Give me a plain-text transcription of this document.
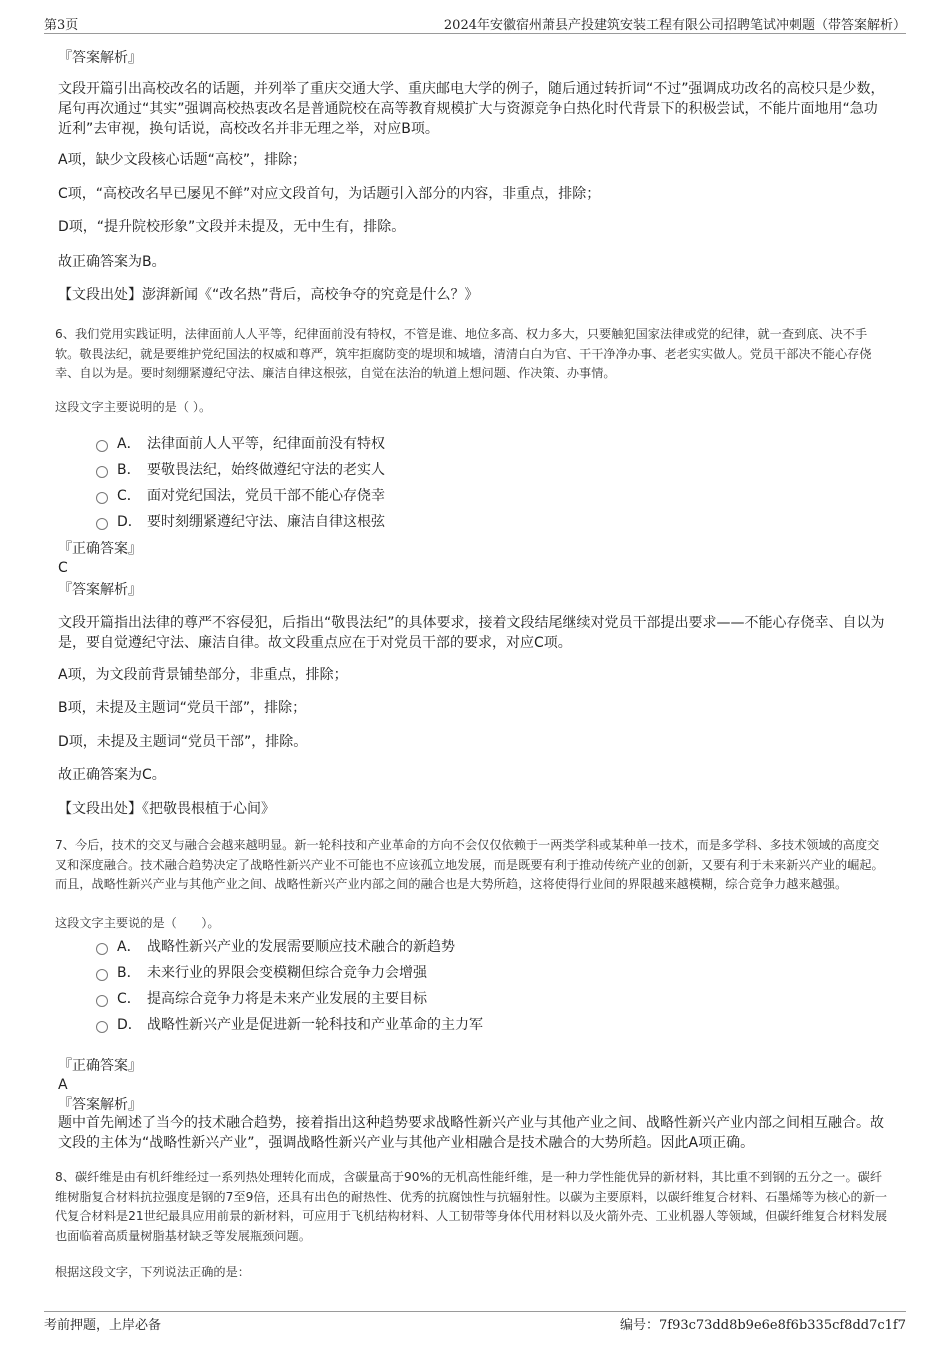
第3页	2024年安徽宿州萧县产投建筑安装工程有限公司招聘笔试冲刺题（带答案解析）
『答案解析』
文段开篇引出高校改名的话题，并列举了重庆交通大学、重庆邮电大学的例子，随后通过转折词“不过”强调成功改名的高校只是少数，尾句再次通过“其实”强调高校热衷改名是普通院校在高等教育规模扩大与资源竞争白热化时代背景下的积极尝试，不能片面地用“急功近利”去审视，换句话说，高校改名并非无理之举，对应B项。
A项，缺少文段核心话题“高校”，排除；
C项，“高校改名早已屡见不鲜”对应文段首句，为话题引入部分的内容，非重点，排除；
D项，“提升院校形象”文段并未提及，无中生有，排除。
故正确答案为B。
【文段出处】澎湃新闻《“改名热”背后，高校争夺的究竟是什么？》
6、我们党用实践证明，法律面前人人平等，纪律面前没有特权，不管是谁、地位多高、权力多大，只要触犯国家法律或党的纪律，就一查到底、决不手软。敬畏法纪，就是要维护党纪国法的权威和尊严，筑牢拒腐防变的堤坝和城墙，清清白白为官、干干净净办事、老老实实做人。党员干部决不能心存侥幸、自以为是。要时刻绷紧遵纪守法、廉洁自律这根弦，自觉在法治的轨道上想问题、作决策、办事情。
这段文字主要说明的是（ ）。
A． 法律面前人人平等，纪律面前没有特权
B． 要敬畏法纪，始终做遵纪守法的老实人
C． 面对党纪国法，党员干部不能心存侥幸
D． 要时刻绷紧遵纪守法、廉洁自律这根弦
『正确答案』
C
『答案解析』
文段开篇指出法律的尊严不容侵犯，后指出“敬畏法纪”的具体要求，接着文段结尾继续对党员干部提出要求——不能心存侥幸、自以为是，要自觉遵纪守法、廉洁自律。故文段重点应在于对党员干部的要求，对应C项。
A项，为文段前背景铺垫部分，非重点，排除；
B项，未提及主题词“党员干部”，排除；
D项，未提及主题词“党员干部”，排除。
故正确答案为C。
【文段出处】《把敬畏根植于心间》
7、今后，技术的交叉与融合会越来越明显。新一轮科技和产业革命的方向不会仅仅依赖于一两类学科或某种单一技术，而是多学科、多技术领域的高度交叉和深度融合。技术融合趋势决定了战略性新兴产业不可能也不应该孤立地发展，而是既要有利于推动传统产业的创新，又要有利于未来新兴产业的崛起。而且，战略性新兴产业与其他产业之间、战略性新兴产业内部之间的融合也是大势所趋，这将使得行业间的界限越来越模糊，综合竞争力越来越强。
这段文字主要说的是（　　）。
A． 战略性新兴产业的发展需要顺应技术融合的新趋势
B． 未来行业的界限会变模糊但综合竞争力会增强
C． 提高综合竞争力将是未来产业发展的主要目标
D． 战略性新兴产业是促进新一轮科技和产业革命的主力军
『正确答案』
A
『答案解析』
题中首先阐述了当今的技术融合趋势，接着指出这种趋势要求战略性新兴产业与其他产业之间、战略性新兴产业内部之间相互融合。故文段的主体为“战略性新兴产业”，强调战略性新兴产业与其他产业相融合是技术融合的大势所趋。因此A项正确。
8、碳纤维是由有机纤维经过一系列热处理转化而成，含碳量高于90%的无机高性能纤维，是一种力学性能优异的新材料，其比重不到钢的五分之一。碳纤维树脂复合材料抗拉强度是钢的7至9倍，还具有出色的耐热性、优秀的抗腐蚀性与抗辐射性。以碳为主要原料，以碳纤维复合材料、石墨烯等为核心的新一代复合材料是21世纪最具应用前景的新材料，可应用于飞机结构材料、人工韧带等身体代用材料以及火箭外壳、工业机器人等领域，但碳纤维复合材料发展也面临着高质量树脂基材缺乏等发展瓶颈问题。
根据这段文字，下列说法正确的是：
考前押题，上岸必备	编号：7f93c73dd8b9e6e8f6b335cf8dd7c1f7
